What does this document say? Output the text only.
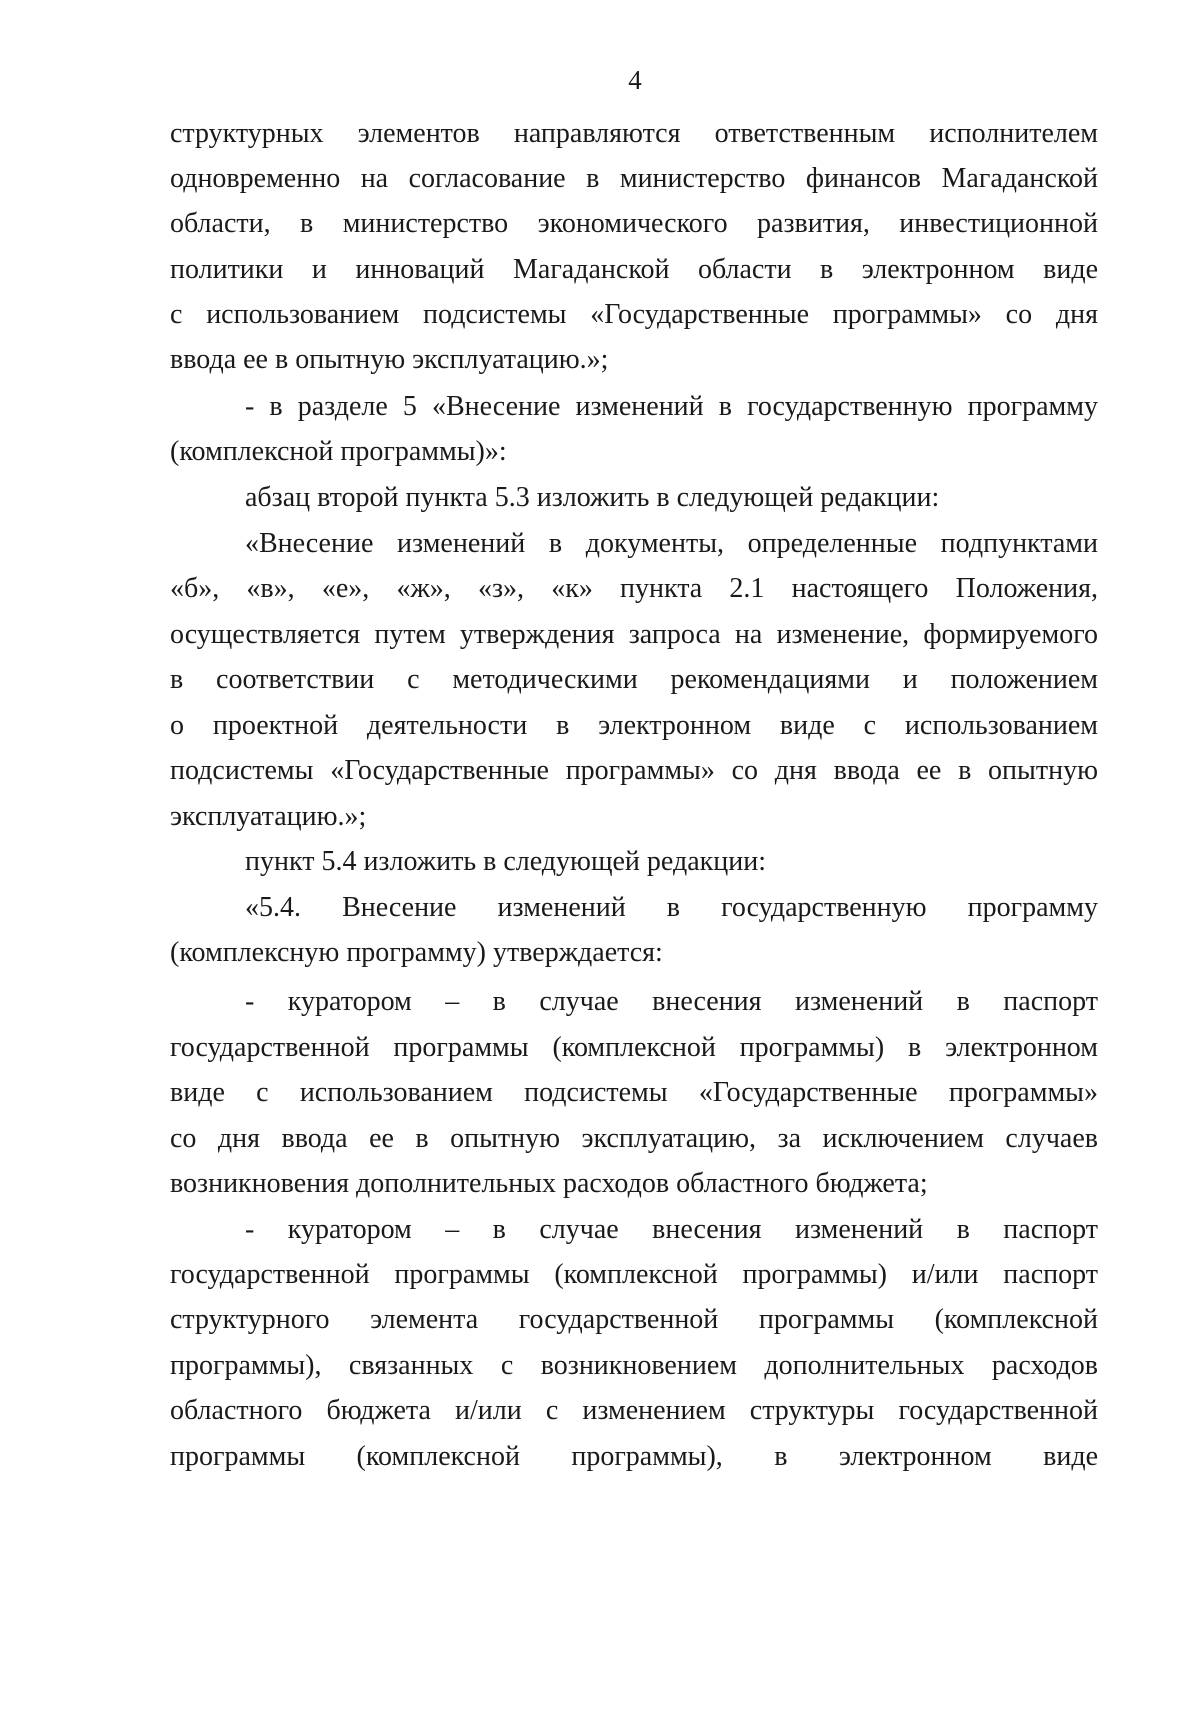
4
структурных элементов направляются ответственным исполнителем
одновременно на согласование в министерство финансов Магаданской
области, в министерство экономического развития, инвестиционной
политики и инноваций Магаданской области в электронном виде
с использованием подсистемы «Государственные программы» со дня
ввода ее в опытную эксплуатацию.»;
- в разделе 5 «Внесение изменений в государственную программу
(комплексной программы)»:
абзац второй пункта 5.3 изложить в следующей редакции:
«Внесение изменений в документы, определенные подпунктами
«б», «в», «е», «ж», «з», «к» пункта 2.1 настоящего Положения,
осуществляется путем утверждения запроса на изменение, формируемого
в соответствии с методическими рекомендациями и положением
о проектной деятельности в электронном виде с использованием
подсистемы «Государственные программы» со дня ввода ее в опытную
эксплуатацию.»;
пункт 5.4 изложить в следующей редакции:
«5.4. Внесение изменений в государственную программу
(комплексную программу) утверждается:
- куратором – в случае внесения изменений в паспорт
государственной программы (комплексной программы) в электронном
виде с использованием подсистемы «Государственные программы»
со дня ввода ее в опытную эксплуатацию, за исключением случаев
возникновения дополнительных расходов областного бюджета;
- куратором – в случае внесения изменений в паспорт
государственной программы (комплексной программы) и/или паспорт
структурного элемента государственной программы (комплексной
программы), связанных с возникновением дополнительных расходов
областного бюджета и/или с изменением структуры государственной
программы (комплексной программы), в электронном виде
